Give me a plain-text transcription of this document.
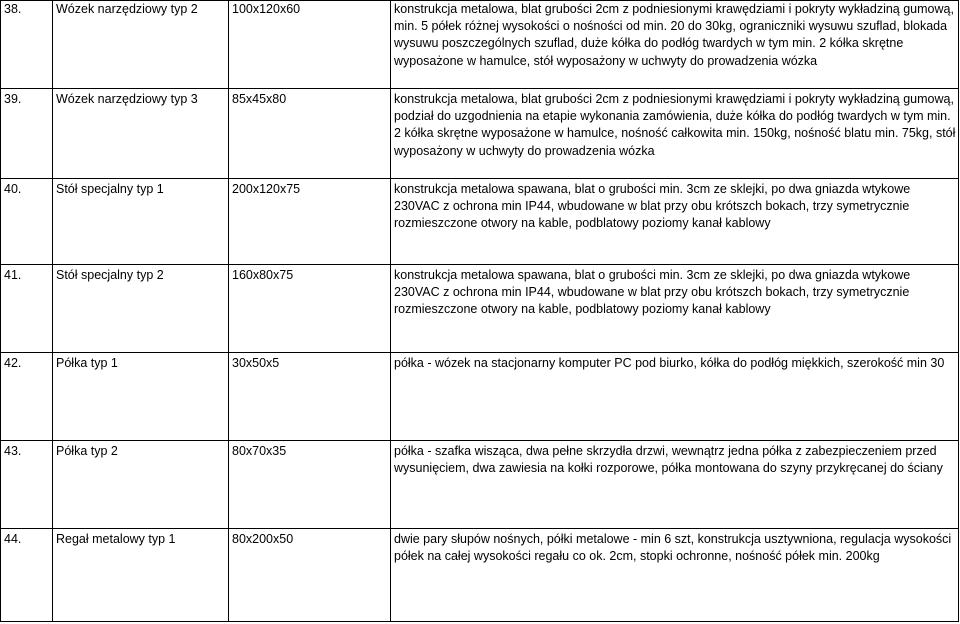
38.	Wózek narzędziowy typ 2	100x120x60	konstrukcja metalowa, blat grubości 2cm z podniesionymi krawędziami i pokryty wykładziną gumową, min. 5 półek różnej wysokości o nośności od min. 20 do 30kg, ograniczniki wysuwu szuflad, blokada wysuwu poszczególnych szuflad, duże kółka do podłóg twardych w tym min. 2 kółka skrętne wyposażone w hamulce, stół wyposażony w uchwyty do prowadzenia wózka
39.	Wózek narzędziowy typ 3	85x45x80	konstrukcja metalowa, blat grubości 2cm z podniesionymi krawędziami i pokryty wykładziną gumową, podział do uzgodnienia na etapie wykonania zamówienia, duże kółka do podłóg twardych w tym min. 2 kółka skrętne wyposażone w hamulce, nośność całkowita min. 150kg, nośność blatu min. 75kg, stół wyposażony w uchwyty do prowadzenia wózka
40.	Stół specjalny typ 1	200x120x75	konstrukcja metalowa spawana, blat o grubości min. 3cm ze sklejki, po dwa gniazda wtykowe 230VAC z ochrona min IP44, wbudowane w blat przy obu krótszch bokach, trzy symetrycznie rozmieszczone otwory na kable, podblatowy poziomy kanał kablowy
41.	Stół specjalny typ 2	160x80x75	konstrukcja metalowa spawana, blat o grubości min. 3cm ze sklejki, po dwa gniazda wtykowe 230VAC z ochrona min IP44, wbudowane w blat przy obu krótszch bokach, trzy symetrycznie rozmieszczone otwory na kable, podblatowy poziomy kanał kablowy
42.	Półka typ 1	30x50x5	półka - wózek na stacjonarny komputer PC pod biurko, kółka do podłóg miękkich, szerokość min 30
43.	Półka typ 2	80x70x35	półka - szafka wisząca, dwa pełne skrzydła drzwi, wewnątrz jedna półka z zabezpieczeniem przed wysunięciem, dwa zawiesia na kołki rozporowe, półka montowana do szyny przykręcanej do ściany
44.	Regał metalowy typ 1	80x200x50	dwie pary słupów nośnych, półki metalowe - min 6 szt, konstrukcja usztywniona, regulacja wysokości półek na całej wysokości regału co ok. 2cm, stopki ochronne, nośność półek min. 200kg
